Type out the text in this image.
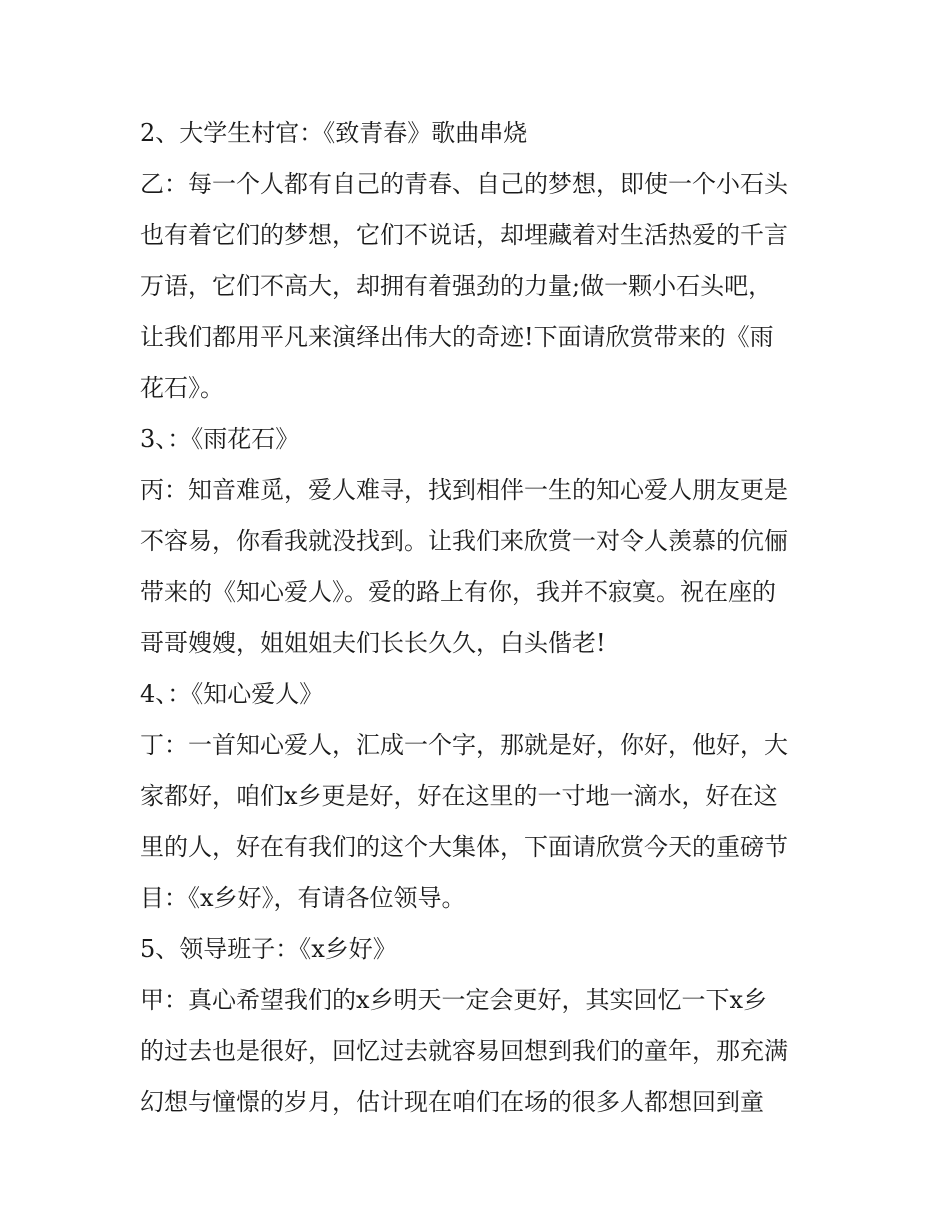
2、大学生村官：《致青春》歌曲串烧
乙：每一个人都有自己的青春、自己的梦想，即使一个小石头
也有着它们的梦想，它们不说话，却埋藏着对生活热爱的千言
万语，它们不高大，却拥有着强劲的力量;做一颗小石头吧，
让我们都用平凡来演绎出伟大的奇迹!下面请欣赏带来的《雨
花石》。
3、：《雨花石》
丙：知音难觅，爱人难寻，找到相伴一生的知心爱人朋友更是
不容易，你看我就没找到。让我们来欣赏一对令人羡慕的伉俪
带来的《知心爱人》。爱的路上有你，我并不寂寞。祝在座的
哥哥嫂嫂，姐姐姐夫们长长久久，白头偕老!
4、：《知心爱人》
丁：一首知心爱人，汇成一个字，那就是好，你好，他好，大
家都好，咱们x乡更是好，好在这里的一寸地一滴水，好在这
里的人，好在有我们的这个大集体，下面请欣赏今天的重磅节
目：《x乡好》，有请各位领导。
5、领导班子：《x乡好》
甲：真心希望我们的x乡明天一定会更好，其实回忆一下x乡
的过去也是很好，回忆过去就容易回想到我们的童年，那充满
幻想与憧憬的岁月，估计现在咱们在场的很多人都想回到童
